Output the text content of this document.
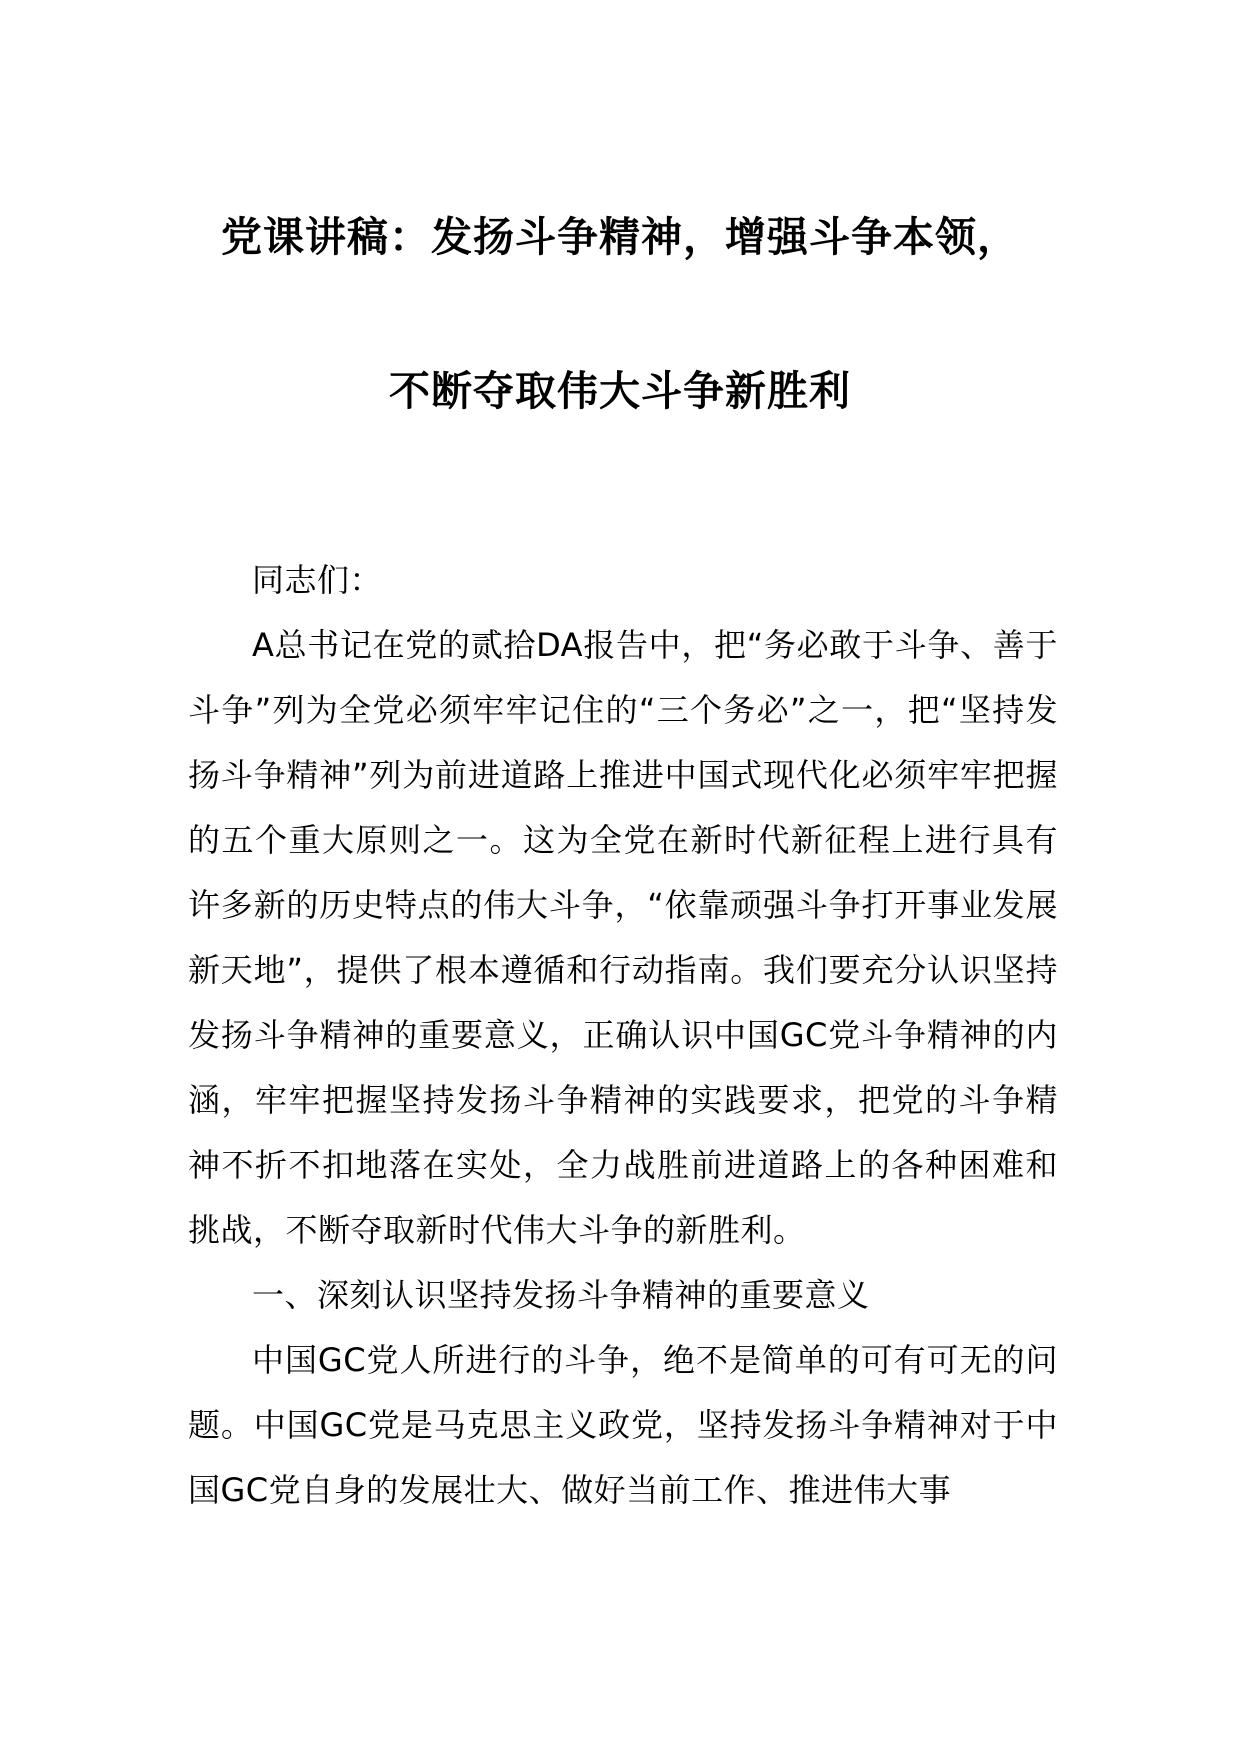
党课讲稿：发扬斗争精神，增强斗争本领，
不断夺取伟大斗争新胜利

同志们：

A总书记在党的贰拾DA报告中，把“务必敢于斗争、善于斗争”列为全党必须牢牢记住的“三个务必”之一，把“坚持发扬斗争精神”列为前进道路上推进中国式现代化必须牢牢把握的五个重大原则之一。这为全党在新时代新征程上进行具有许多新的历史特点的伟大斗争，“依靠顽强斗争打开事业发展新天地”，提供了根本遵循和行动指南。我们要充分认识坚持发扬斗争精神的重要意义，正确认识中国GC党斗争精神的内涵，牢牢把握坚持发扬斗争精神的实践要求，把党的斗争精神不折不扣地落在实处，全力战胜前进道路上的各种困难和挑战，不断夺取新时代伟大斗争的新胜利。

一、深刻认识坚持发扬斗争精神的重要意义

中国GC党人所进行的斗争，绝不是简单的可有可无的问题。中国GC党是马克思主义政党，坚持发扬斗争精神对于中国GC党自身的发展壮大、做好当前工作、推进伟大事
